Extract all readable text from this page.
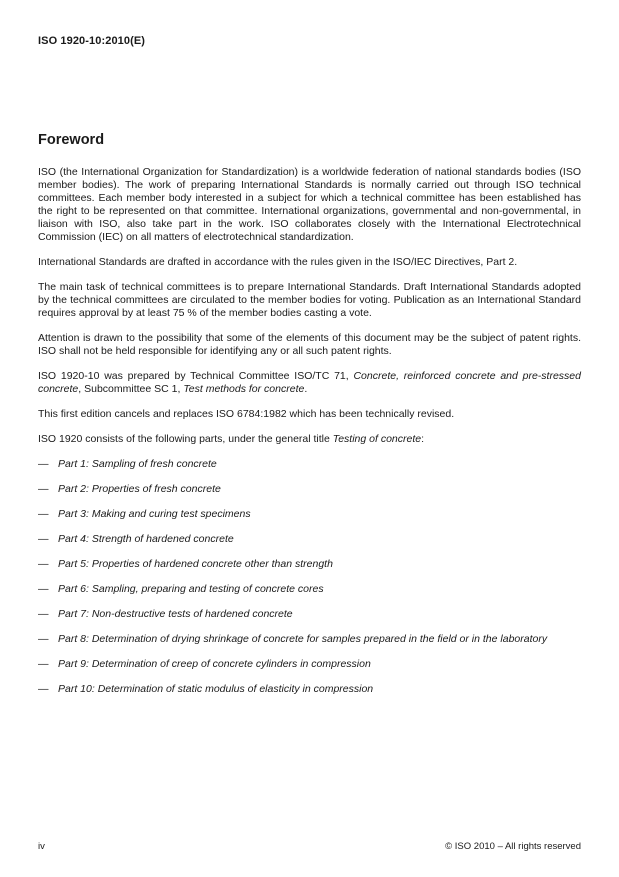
ISO 1920-10:2010(E)
Foreword

ISO (the International Organization for Standardization) is a worldwide federation of national standards bodies (ISO member bodies). The work of preparing International Standards is normally carried out through ISO technical committees. Each member body interested in a subject for which a technical committee has been established has the right to be represented on that committee. International organizations, governmental and non-governmental, in liaison with ISO, also take part in the work. ISO collaborates closely with the International Electrotechnical Commission (IEC) on all matters of electrotechnical standardization.

International Standards are drafted in accordance with the rules given in the ISO/IEC Directives, Part 2.

The main task of technical committees is to prepare International Standards. Draft International Standards adopted by the technical committees are circulated to the member bodies for voting. Publication as an International Standard requires approval by at least 75 % of the member bodies casting a vote.

Attention is drawn to the possibility that some of the elements of this document may be the subject of patent rights. ISO shall not be held responsible for identifying any or all such patent rights.

ISO 1920-10 was prepared by Technical Committee ISO/TC 71, Concrete, reinforced concrete and pre-stressed concrete, Subcommittee SC 1, Test methods for concrete.

This first edition cancels and replaces ISO 6784:1982 which has been technically revised.

ISO 1920 consists of the following parts, under the general title Testing of concrete:

— Part 1: Sampling of fresh concrete
— Part 2: Properties of fresh concrete
— Part 3: Making and curing test specimens
— Part 4: Strength of hardened concrete
— Part 5: Properties of hardened concrete other than strength
— Part 6: Sampling, preparing and testing of concrete cores
— Part 7: Non-destructive tests of hardened concrete
— Part 8: Determination of drying shrinkage of concrete for samples prepared in the field or in the laboratory
— Part 9: Determination of creep of concrete cylinders in compression
— Part 10: Determination of static modulus of elasticity in compression
iv	© ISO 2010 – All rights reserved
